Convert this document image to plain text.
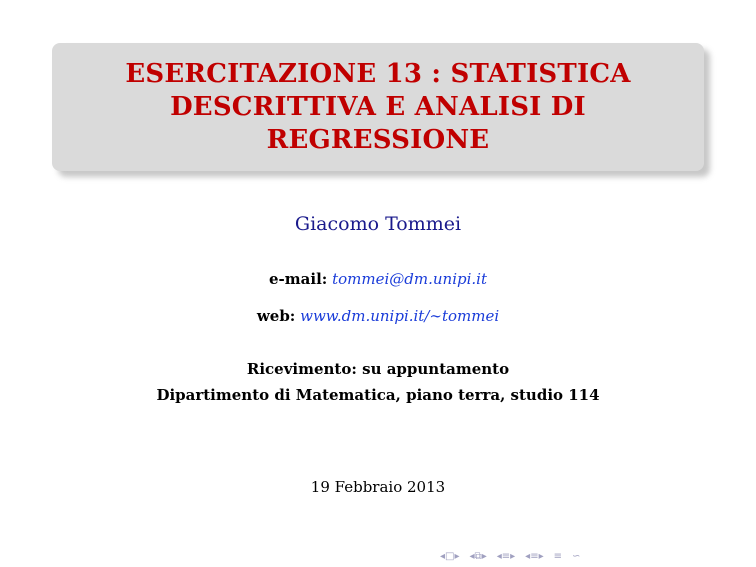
ESERCITAZIONE 13 : STATISTICA
DESCRITTIVA E ANALISI DI
REGRESSIONE
Giacomo Tommei
e-mail: tommei@dm.unipi.it
web: www.dm.unipi.it/∼tommei
Ricevimento: su appuntamento
Dipartimento di Matematica, piano terra, studio 114
19 Febbraio 2013
◂□▸ ◂⧉▸ ◂≡▸ ◂≡▸ ≡ ∽
